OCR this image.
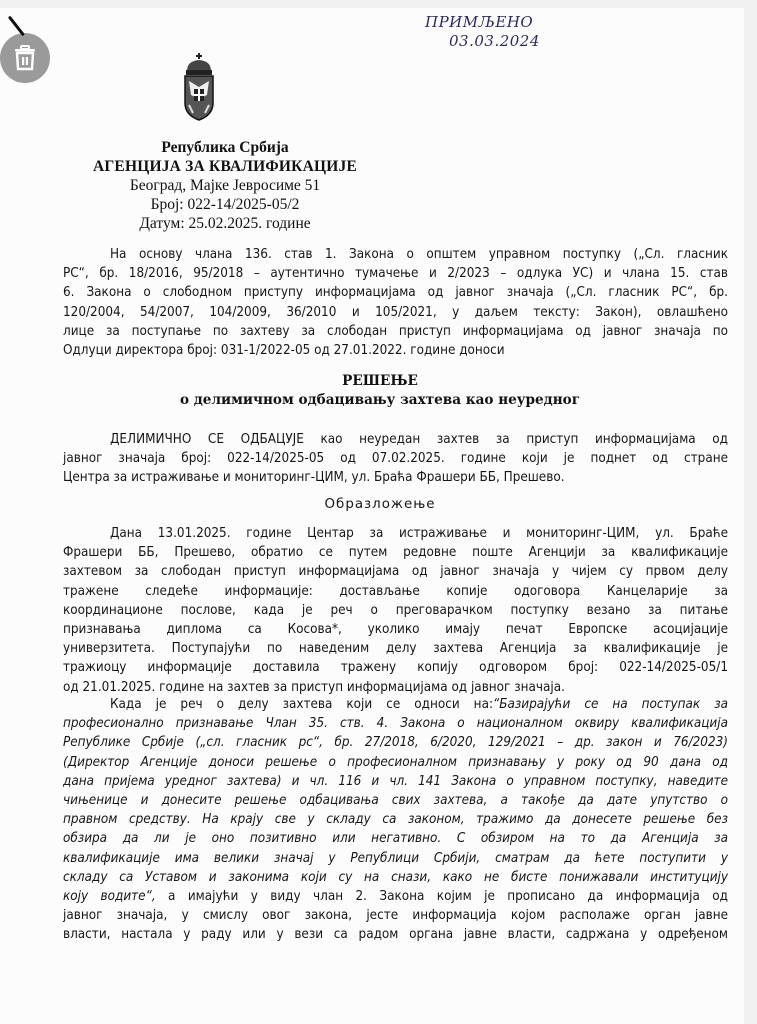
ПРИМЉЕНО
03.03.2024
Република Србија
АГЕНЦИЈА ЗА КВАЛИФИКАЦИЈЕ
Београд, Мајке Јевросиме 51
Број: 022-14/2025-05/2
Датум: 25.02.2025. године
На основу члана 136. став 1. Закона о општем управном поступку („Сл. гласник
РС“, бр. 18/2016, 95/2018 – аутентично тумачење и 2/2023 – одлука УС) и члана 15. став
6. Закона о слободном приступу информацијама од јавног значаја („Сл. гласник РС“, бр.
120/2004, 54/2007, 104/2009, 36/2010 и 105/2021, у даљем тексту: Закон), овлашћено
лице за поступање по захтеву за слободан приступ информацијама од јавног значаја по
Одлуци директора број: 031-1/2022-05 од 27.01.2022. године доноси
РЕШЕЊЕ
о делимичном одбацивању захтева као неуредног
ДЕЛИМИЧНО СЕ ОДБАЦУЈЕ као неуредан захтев за приступ информацијама од
јавног значаја број: 022-14/2025-05 од 07.02.2025. године који је поднет од стране
Центра за истраживање и мониторинг-ЦИМ, ул. Браћа Фрашери ББ, Прешево.
Образложење
Дана 13.01.2025. године Центар за истраживање и мониторинг-ЦИМ, ул. Браће
Фрашери ББ, Прешево, обратио се путем редовне поште Агенцији за квалификације
захтевом за слободан приступ информацијама од јавног значаја у чијем су првом делу
тражене следеће информације: достављање копије одоговора Канцеларије за
координационе послове, када је реч о преговарачком поступку везано за питање
признавања диплома са Косова*, уколико имају печат Европске асоцијације
универзитета. Поступајући по наведеним делу захтева Агенција за квалификације је
тражиоцу информације доставила тражену копију одговором број: 022-14/2025-05/1
од 21.01.2025. године на захтев за приступ информацијама од јавног значаја.
Када је реч о делу захтева који се односи на:“Базирајући се на поступак за
професионално признавање Члан 35. ств. 4. Закона о националном оквиру квалификација
Републике Србије („сл. гласник рс“, бр. 27/2018, 6/2020, 129/2021 – др. закон и 76/2023)
(Директор Агенције доноси решење о професионалном признавању у року од 90 дана од
дана пријема уредног захтева) и чл. 116 и чл. 141 Закона о управном поступку, наведите
чињенице и донесите решење одбацивања свих захтева, а такође да дате упутство о
правном средству. На крају све у складу са законом, тражимо да донесете решење без
обзира да ли је оно позитивно или негативно. С обзиром на то да Агенција за
квалификације има велики значај у Републици Србији, сматрам да ћете поступити у
складу са Уставом и законима који су на снази, како не бисте понижавали институцију
коју водите“, а имајући у виду члан 2. Закона којим је прописано да информација од
јавног значаја, у смислу овог закона, јесте информација којом располаже орган јавне
власти, настала у раду или у вези са радом органа јавне власти, садржана у одређеном
